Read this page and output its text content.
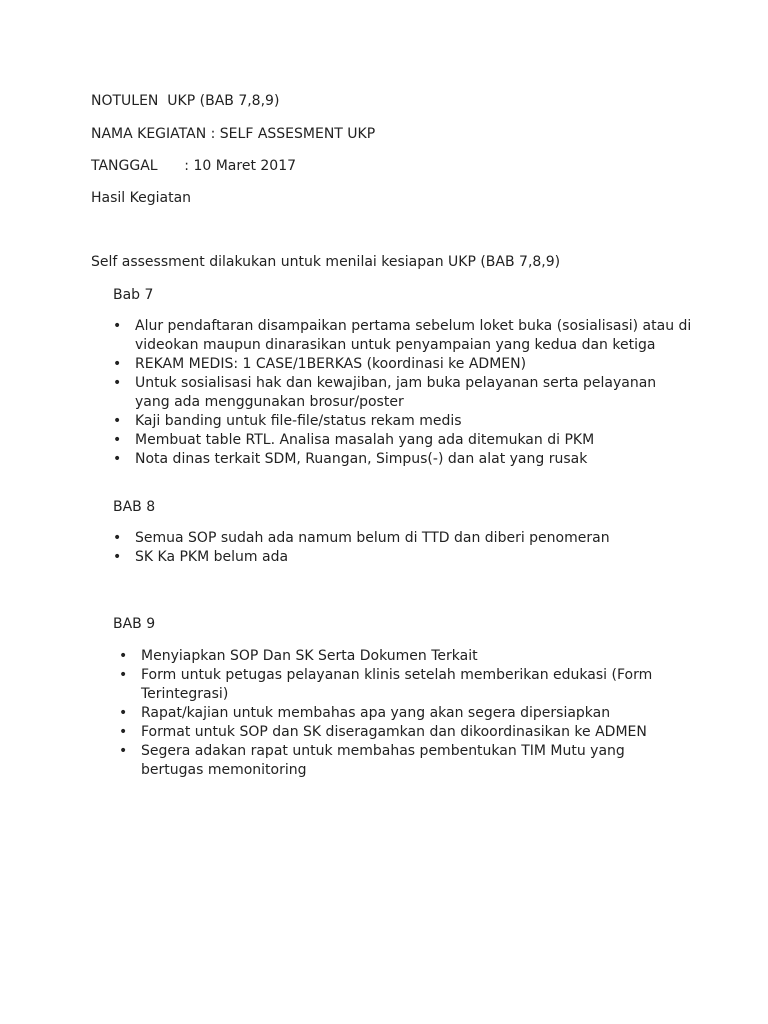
NOTULEN  UKP (BAB 7,8,9)
NAMA KEGIATAN : SELF ASSESMENT UKP
TANGGAL      : 10 Maret 2017
Hasil Kegiatan
Self assessment dilakukan untuk menilai kesiapan UKP (BAB 7,8,9)
Bab 7
• Alur pendaftaran disampaikan pertama sebelum loket buka (sosialisasi) atau di videokan maupun dinarasikan untuk penyampaian yang kedua dan ketiga
• REKAM MEDIS: 1 CASE/1BERKAS (koordinasi ke ADMEN)
• Untuk sosialisasi hak dan kewajiban, jam buka pelayanan serta pelayanan yang ada menggunakan brosur/poster
• Kaji banding untuk file-file/status rekam medis
• Membuat table RTL. Analisa masalah yang ada ditemukan di PKM
• Nota dinas terkait SDM, Ruangan, Simpus(-) dan alat yang rusak
BAB 8
• Semua SOP sudah ada namum belum di TTD dan diberi penomeran
• SK Ka PKM belum ada
BAB 9
• Menyiapkan SOP Dan SK Serta Dokumen Terkait
• Form untuk petugas pelayanan klinis setelah memberikan edukasi (Form Terintegrasi)
• Rapat/kajian untuk membahas apa yang akan segera dipersiapkan
• Format untuk SOP dan SK diseragamkan dan dikoordinasikan ke ADMEN
• Segera adakan rapat untuk membahas pembentukan TIM Mutu yang bertugas memonitoring
